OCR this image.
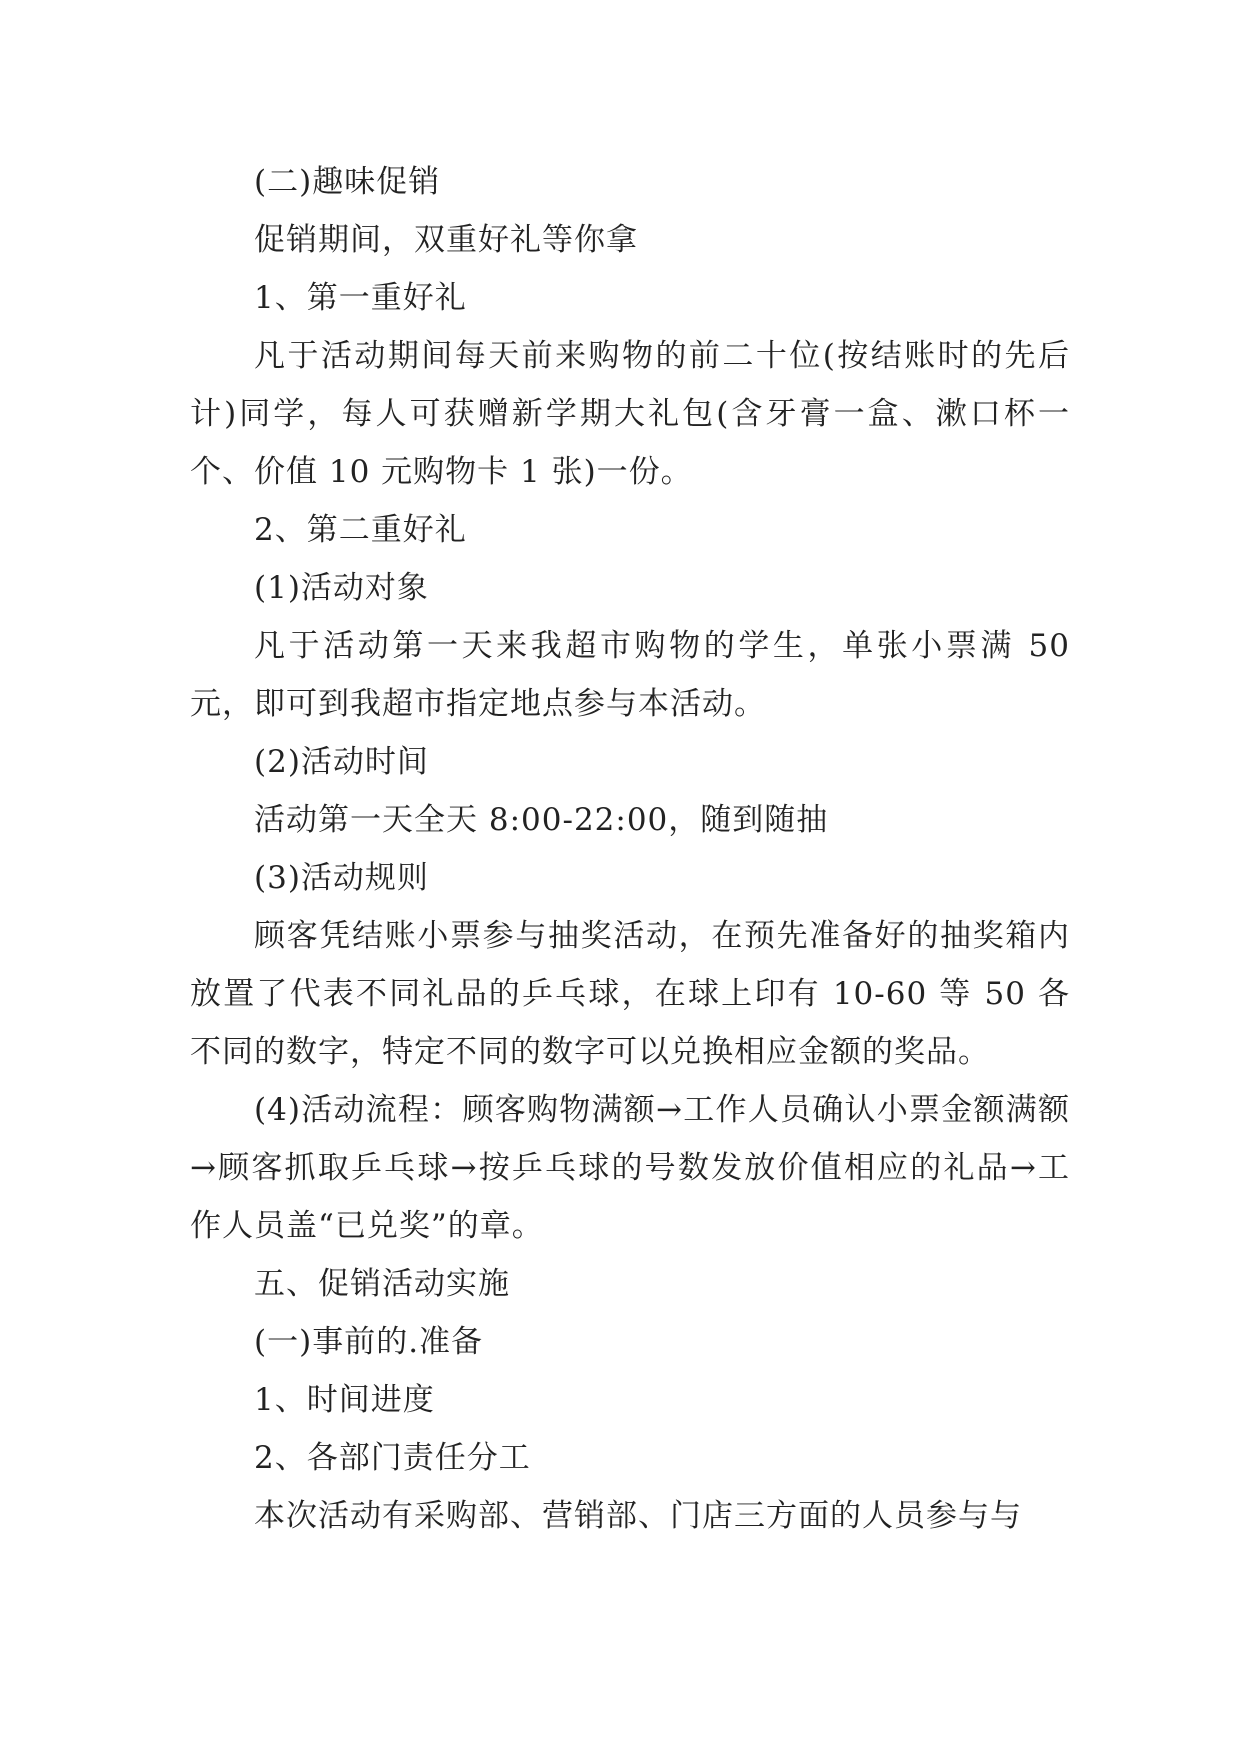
(二)趣味促销

促销期间，双重好礼等你拿

1、第一重好礼

凡于活动期间每天前来购物的前二十位(按结账时的先后计)同学，每人可获赠新学期大礼包(含牙膏一盒、漱口杯一个、价值 10 元购物卡 1 张)一份。

2、第二重好礼

(1)活动对象

凡于活动第一天来我超市购物的学生，单张小票满 50 元，即可到我超市指定地点参与本活动。

(2)活动时间

活动第一天全天 8:00-22:00，随到随抽

(3)活动规则

顾客凭结账小票参与抽奖活动，在预先准备好的抽奖箱内放置了代表不同礼品的乒乓球，在球上印有 10-60 等 50 各不同的数字，特定不同的数字可以兑换相应金额的奖品。

(4)活动流程：顾客购物满额→工作人员确认小票金额满额→顾客抓取乒乓球→按乒乓球的号数发放价值相应的礼品→工作人员盖“已兑奖”的章。

五、促销活动实施

(一)事前的.准备

1、时间进度

2、各部门责任分工

本次活动有采购部、营销部、门店三方面的人员参与与
